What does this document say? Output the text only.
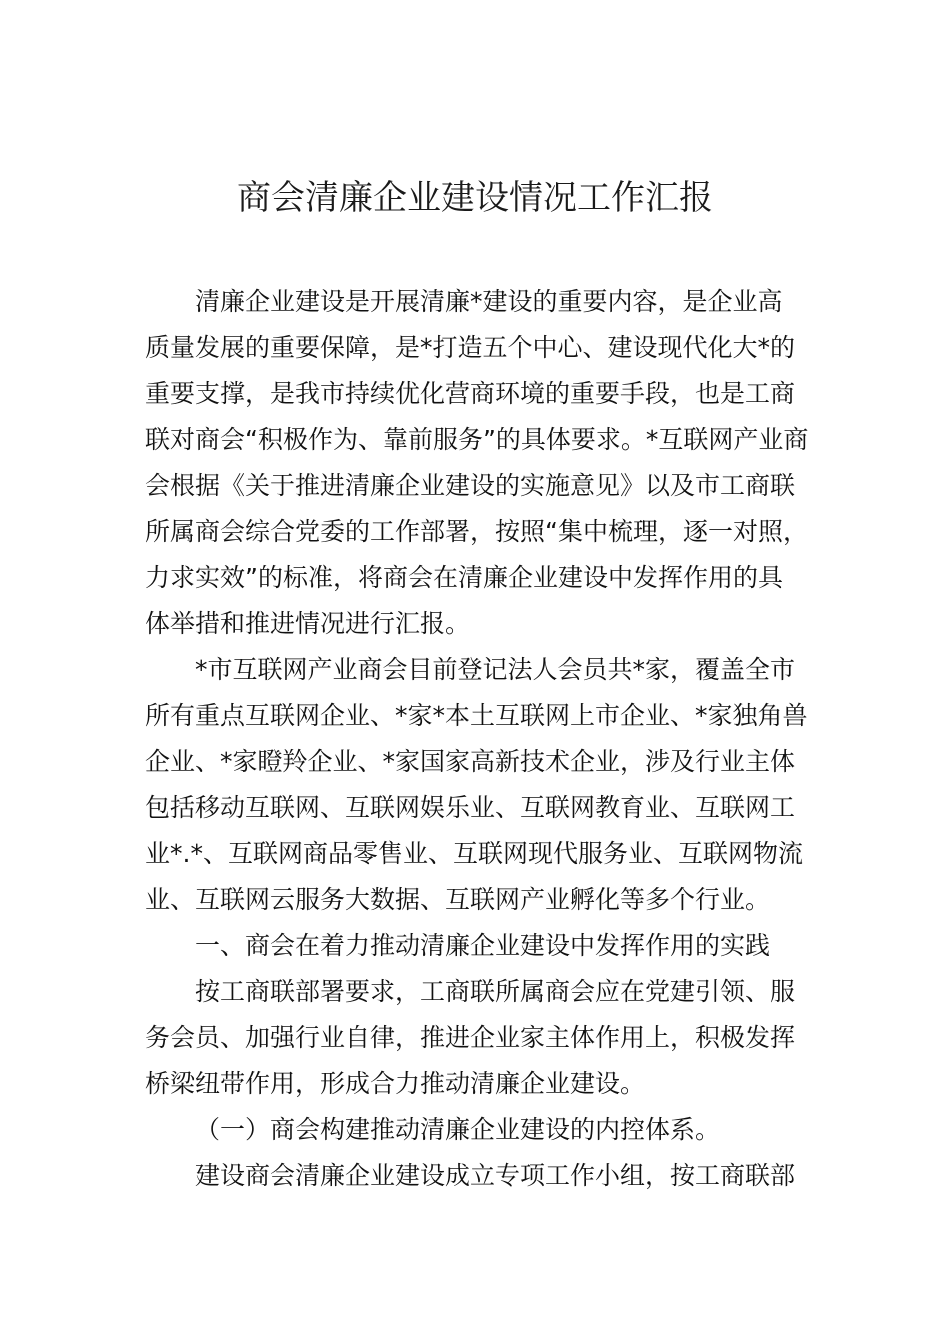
商会清廉企业建设情况工作汇报
清廉企业建设是开展清廉*建设的重要内容，是企业高
质量发展的重要保障，是*打造五个中心、建设现代化大*的
重要支撑，是我市持续优化营商环境的重要手段，也是工商
联对商会“积极作为、靠前服务”的具体要求。*互联网产业商
会根据《关于推进清廉企业建设的实施意见》以及市工商联
所属商会综合党委的工作部署，按照“集中梳理，逐一对照，
力求实效”的标准，将商会在清廉企业建设中发挥作用的具
体举措和推进情况进行汇报。
*市互联网产业商会目前登记法人会员共*家，覆盖全市
所有重点互联网企业、*家*本土互联网上市企业、*家独角兽
企业、*家瞪羚企业、*家国家高新技术企业，涉及行业主体
包括移动互联网、互联网娱乐业、互联网教育业、互联网工
业*.*、互联网商品零售业、互联网现代服务业、互联网物流
业、互联网云服务大数据、互联网产业孵化等多个行业。
一、商会在着力推动清廉企业建设中发挥作用的实践
按工商联部署要求，工商联所属商会应在党建引领、服
务会员、加强行业自律，推进企业家主体作用上，积极发挥
桥梁纽带作用，形成合力推动清廉企业建设。
（一）商会构建推动清廉企业建设的内控体系。
建设商会清廉企业建设成立专项工作小组，按工商联部
